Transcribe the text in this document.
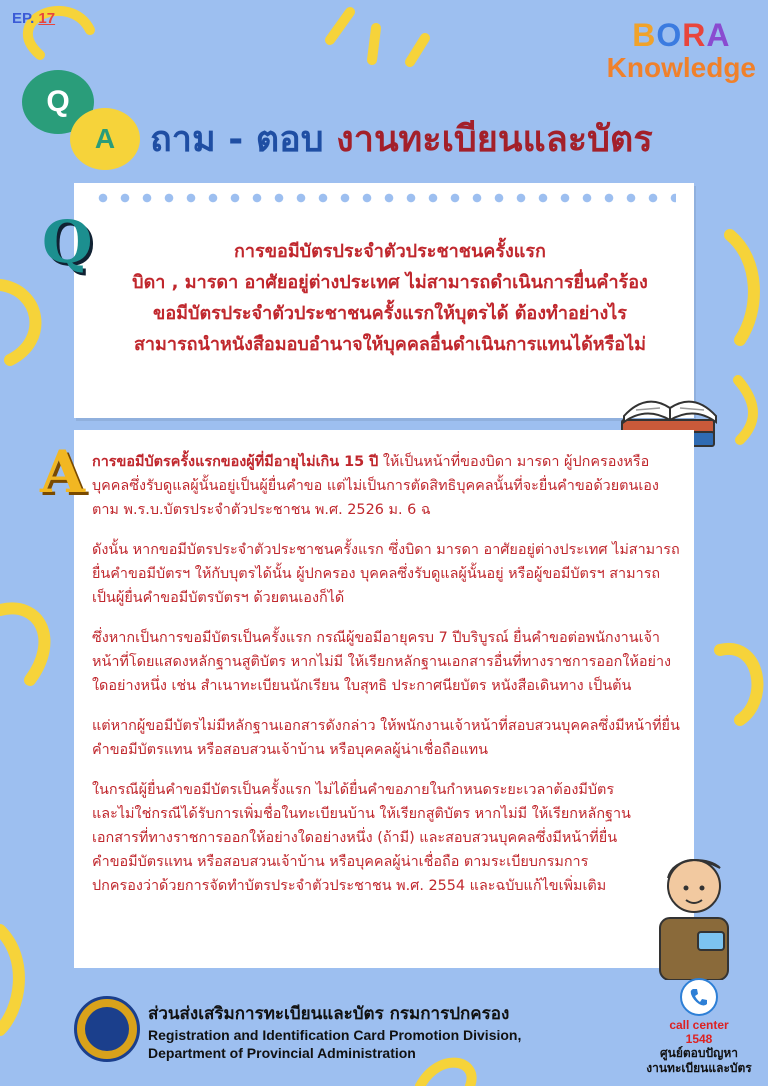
EP. 17	BORA
Knowledge
Q
A ถาม - ตอบ งานทะเบียนและบัตร
Q	การขอมีบัตรประจำตัวประชาชนครั้งแรก
บิดา , มารดา อาศัยอยู่ต่างประเทศ ไม่สามารถดำเนินการยื่นคำร้อง
ขอมีบัตรประจำตัวประชาชนครั้งแรกให้บุตรได้ ต้องทำอย่างไร
สามารถนำหนังสือมอบอำนาจให้บุคคลอื่นดำเนินการแทนได้หรือไม่
A การขอมีบัตรครั้งแรกของผู้ที่มีอายุไม่เกิน 15 ปี ให้เป็นหน้าที่ของบิดา มารดา ผู้ปกครองหรือบุคคลซึ่งรับดูแลผู้นั้นอยู่เป็นผู้ยื่นคำขอ แต่ไม่เป็นการตัดสิทธิบุคคลนั้นที่จะยื่นคำขอด้วยตนเอง ตาม พ.ร.บ.บัตรประจำตัวประชาชน พ.ศ. 2526 ม. 6 ฉ

ดังนั้น หากขอมีบัตรประจำตัวประชาชนครั้งแรก ซึ่งบิดา มารดา อาศัยอยู่ต่างประเทศ ไม่สามารถยื่นคำขอมีบัตรฯ ให้กับบุตรได้นั้น ผู้ปกครอง บุคคลซึ่งรับดูแลผู้นั้นอยู่ หรือผู้ขอมีบัตรฯ สามารถเป็นผู้ยื่นคำขอมีบัตรบัตรฯ ด้วยตนเองก็ได้

ซึ่งหากเป็นการขอมีบัตรเป็นครั้งแรก กรณีผู้ขอมีอายุครบ 7 ปีบริบูรณ์ ยื่นคำขอต่อพนักงานเจ้าหน้าที่โดยแสดงหลักฐานสูติบัตร หากไม่มี ให้เรียกหลักฐานเอกสารอื่นที่ทางราชการออกให้อย่างใดอย่างหนึ่ง เช่น สำเนาทะเบียนนักเรียน ใบสุทธิ ประกาศนียบัตร หนังสือเดินทาง เป็นต้น

แต่หากผู้ขอมีบัตรไม่มีหลักฐานเอกสารดังกล่าว ให้พนักงานเจ้าหน้าที่สอบสวนบุคคลซึ่งมีหน้าที่ยื่นคำขอมีบัตรแทน หรือสอบสวนเจ้าบ้าน หรือบุคคลผู้น่าเชื่อถือแทน

ในกรณีผู้ยื่นคำขอมีบัตรเป็นครั้งแรก ไม่ได้ยื่นคำขอภายในกำหนดระยะเวลาต้องมีบัตร และไม่ใช่กรณีได้รับการเพิ่มชื่อในทะเบียนบ้าน ให้เรียกสูติบัตร หากไม่มี ให้เรียกหลักฐานเอกสารที่ทางราชการออกให้อย่างใดอย่างหนึ่ง (ถ้ามี) และสอบสวนบุคคลซึ่งมีหน้าที่ยื่นคำขอมีบัตรแทน หรือสอบสวนเจ้าบ้าน หรือบุคคลผู้น่าเชื่อถือ ตามระเบียบกรมการปกครองว่าด้วยการจัดทำบัตรประจำตัวประชาชน พ.ศ. 2554 และฉบับแก้ไขเพิ่มเติม

ส่วนส่งเสริมการทะเบียนและบัตร กรมการปกครอง
Registration and Identification Card Promotion Division,
Department of Provincial Administration
call center
1548
ศูนย์ตอบปัญหา
งานทะเบียนและบัตร
